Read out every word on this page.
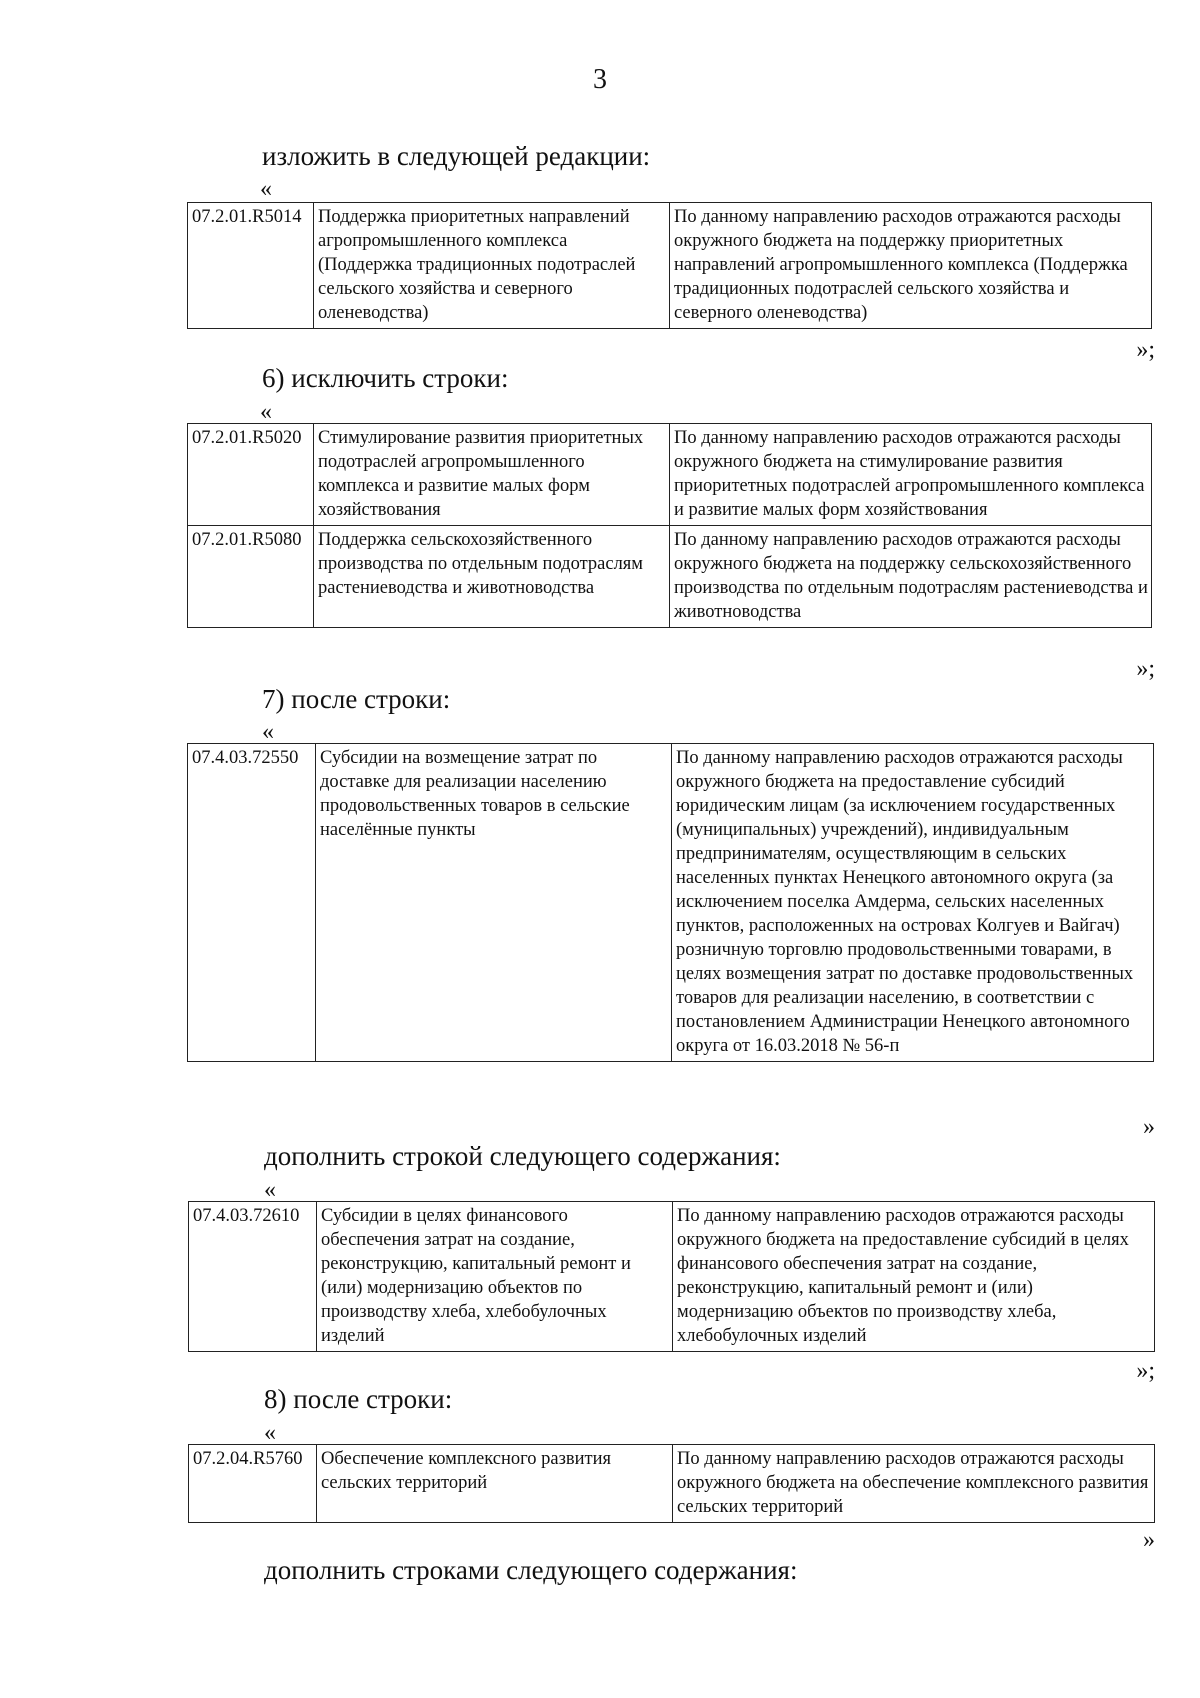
3
изложить в следующей редакции:
«
07.2.01.R5014	Поддержка приоритетных направлений агропромышленного комплекса (Поддержка традиционных подотраслей сельского хозяйства и северного оленеводства)	По данному направлению расходов отражаются расходы окружного бюджета на поддержку приоритетных направлений агропромышленного комплекса (Поддержка традиционных подотраслей сельского хозяйства и северного оленеводства)
»;
6) исключить строки:
«
07.2.01.R5020	Стимулирование развития приоритетных подотраслей агропромышленного комплекса и развитие малых форм хозяйствования	По данному направлению расходов отражаются расходы окружного бюджета на стимулирование развития приоритетных подотраслей агропромышленного комплекса и развитие малых форм хозяйствования
07.2.01.R5080	Поддержка сельскохозяйственного производства по отдельным подотраслям растениеводства и животноводства	По данному направлению расходов отражаются расходы окружного бюджета на поддержку сельскохозяйственного производства по отдельным подотраслям растениеводства и животноводства
»;
7) после строки:
«
07.4.03.72550	Субсидии на возмещение затрат по доставке для реализации населению продовольственных товаров в сельские населённые пункты	По данному направлению расходов отражаются расходы окружного бюджета на предоставление субсидий юридическим лицам (за исключением государственных (муниципальных) учреждений), индивидуальным предпринимателям, осуществляющим в сельских населенных пунктах Ненецкого автономного округа (за исключением поселка Амдерма, сельских населенных пунктов, расположенных на островах Колгуев и Вайгач) розничную торговлю продовольственными товарами, в целях возмещения затрат по доставке продовольственных товаров для реализации населению, в соответствии с постановлением Администрации Ненецкого автономного округа от 16.03.2018 № 56-п
»
дополнить строкой следующего содержания:
«
07.4.03.72610	Субсидии в целях финансового обеспечения затрат на создание, реконструкцию, капитальный ремонт и (или) модернизацию объектов по производству хлеба, хлебобулочных изделий	По данному направлению расходов отражаются расходы окружного бюджета на предоставление субсидий в целях финансового обеспечения затрат на создание, реконструкцию, капитальный ремонт и (или) модернизацию объектов по производству хлеба, хлебобулочных изделий
»;
8) после строки:
«
07.2.04.R5760	Обеспечение комплексного развития сельских территорий	По данному направлению расходов отражаются расходы окружного бюджета на обеспечение комплексного развития сельских территорий
»
дополнить строками следующего содержания:
